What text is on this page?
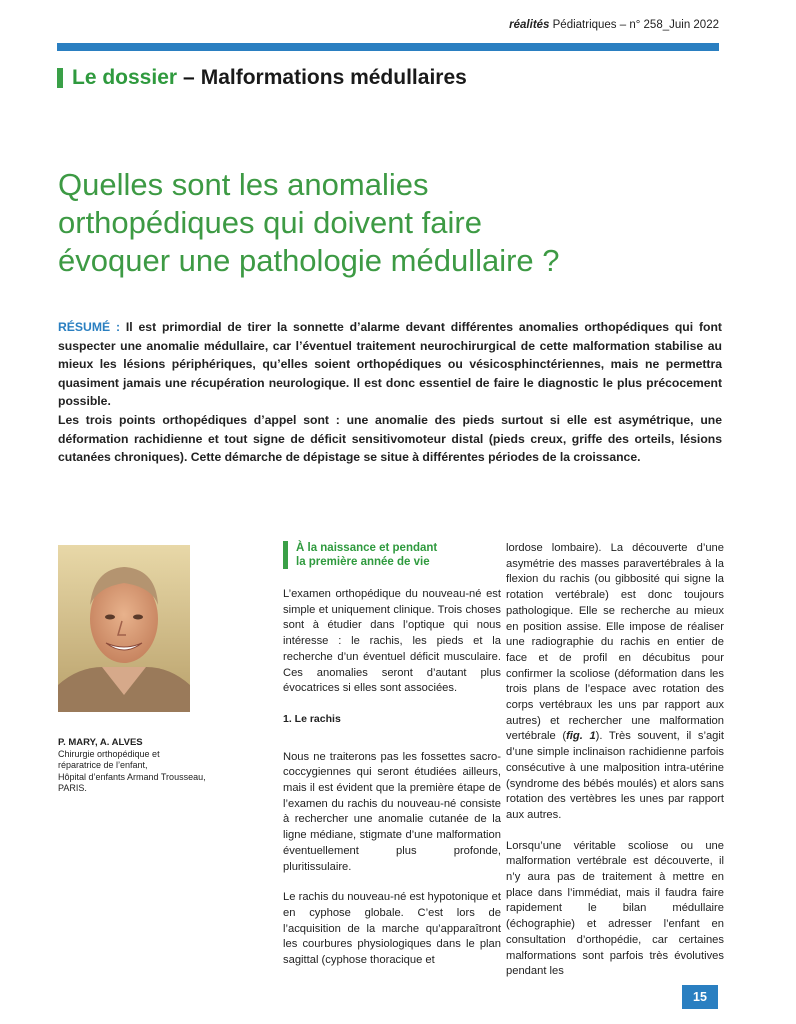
réalités Pédiatriques – n° 258_Juin 2022
Le dossier – Malformations médullaires
Quelles sont les anomalies
orthopédiques qui doivent faire
évoquer une pathologie médullaire ?

RÉSUMÉ : Il est primordial de tirer la sonnette d’alarme devant différentes anomalies orthopédiques qui font suspecter une anomalie médullaire, car l’éventuel traitement neurochirurgical de cette malformation stabilise au mieux les lésions périphériques, qu’elles soient orthopédiques ou vésicosphinctériennes, mais ne permettra quasiment jamais une récupération neurologique. Il est donc essentiel de faire le diagnostic le plus précocement possible.

Les trois points orthopédiques d’appel sont : une anomalie des pieds surtout si elle est asymétrique, une déformation rachidienne et tout signe de déficit sensitivomoteur distal (pieds creux, griffe des orteils, lésions cutanées chroniques). Cette démarche de dépistage se situe à différentes périodes de la croissance.

P. MARY, A. ALVES
Chirurgie orthopédique et
réparatrice de l’enfant,
Hôpital d’enfants Armand Trousseau,
PARIS.
À la naissance et pendant
la première année de vie

L’examen orthopédique du nouveau-né est simple et uniquement clinique. Trois choses sont à étudier dans l’optique qui nous intéresse : le rachis, les pieds et la recherche d’un éventuel déficit musculaire. Ces anomalies seront d’autant plus évocatrices si elles sont associées.

1. Le rachis

Nous ne traiterons pas les fossettes sacro-coccygiennes qui seront étudiées ailleurs, mais il est évident que la première étape de l’examen du rachis du nouveau-né consiste à rechercher une anomalie cutanée de la ligne médiane, stigmate d’une malformation éventuellement plus profonde, pluritissulaire.

Le rachis du nouveau-né est hypotonique et en cyphose globale. C’est lors de l’acquisition de la marche qu’apparaîtront les courbures physiologiques dans le plan sagittal (cyphose thoracique et

lordose lombaire). La découverte d’une asymétrie des masses paravertébrales à la flexion du rachis (ou gibbosité qui signe la rotation vertébrale) est donc toujours pathologique. Elle se recherche au mieux en position assise. Elle impose de réaliser une radiographie du rachis en entier de face et de profil en décubitus pour confirmer la scoliose (déformation dans les trois plans de l’espace avec rotation des corps vertébraux les uns par rapport aux autres) et rechercher une malformation vertébrale (fig. 1). Très souvent, il s’agit d’une simple inclinaison rachidienne parfois consécutive à une malposition intra-utérine (syndrome des bébés moulés) et alors sans rotation des vertèbres les unes par rapport aux autres.

Lorsqu’une véritable scoliose ou une malformation vertébrale est découverte, il n’y aura pas de traitement à mettre en place dans l’immédiat, mais il faudra faire rapidement le bilan médullaire (échographie) et adresser l’enfant en consultation d’orthopédie, car certaines malformations sont parfois très évolutives pendant les

15
